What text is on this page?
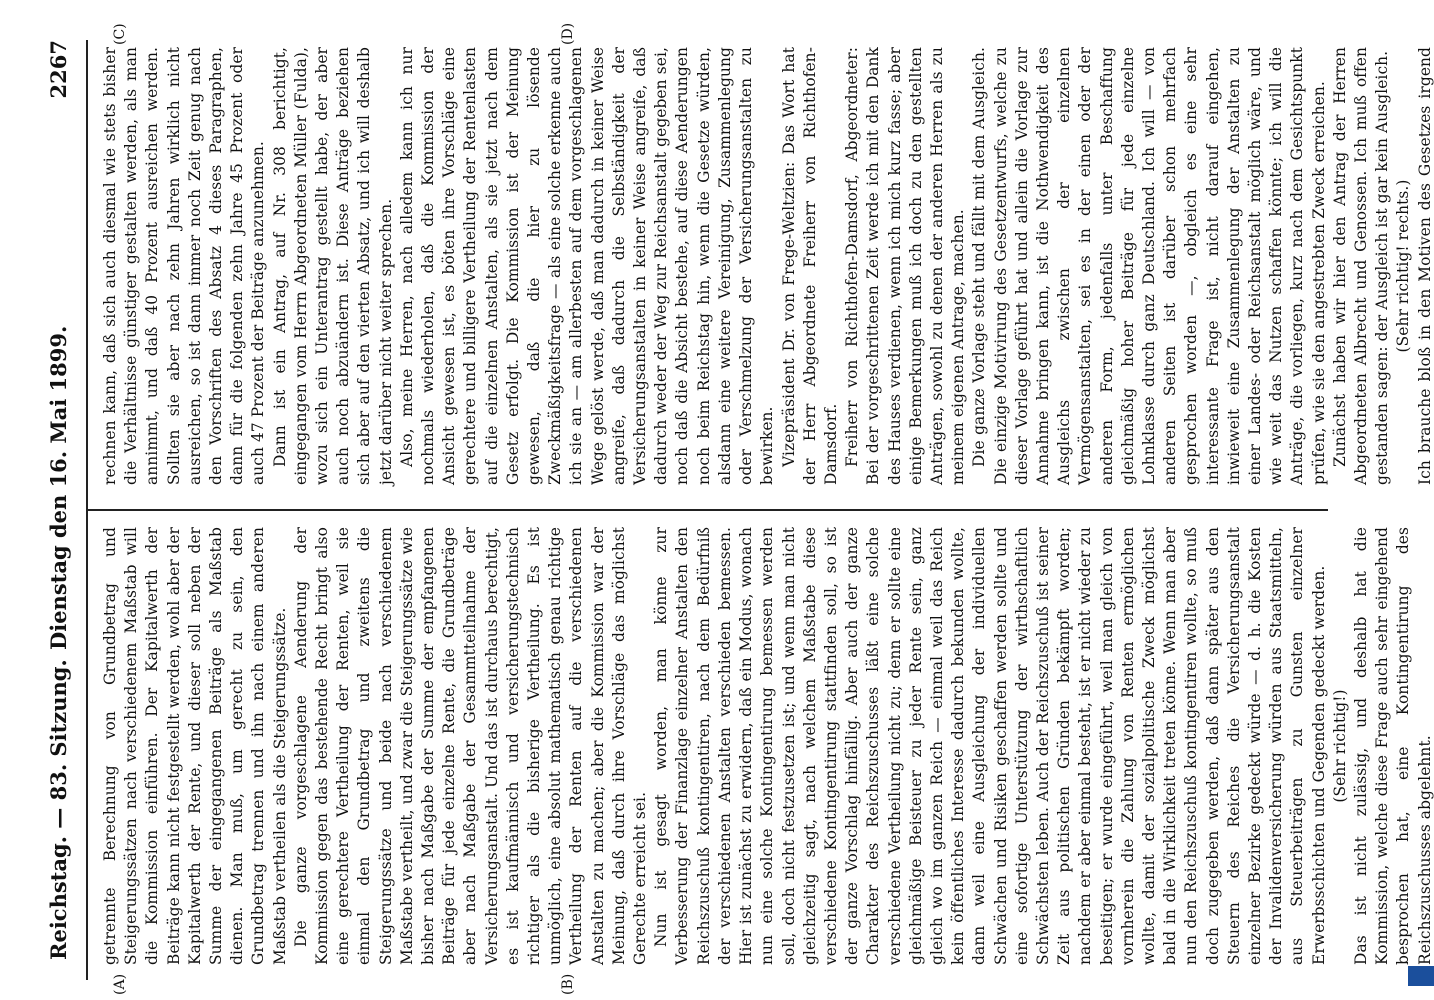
Reichstag. — 83. Sitzung.
Dienstag den 16. Mai 1899.
2267
(A)	(B)
(C)	(D)

getrennte Berechnung von Grundbetrag und Steigerungssätzen nach verschiedenem Maßstab will die Kommission einführen. Der Kapitalwerth der Beiträge kann nicht festgestellt werden, wohl aber der Kapitalwerth der Rente, und dieser soll neben der Summe der eingegangenen Beiträge als Maßstab dienen. Man muß, um gerecht zu sein, den Grundbetrag trennen und ihn nach einem anderen Maßstab vertheilen als die Steigerungssätze. Die ganze vorgeschlagene Aenderung der Kommission gegen das bestehende Recht bringt also eine gerechtere Vertheilung der Renten, weil sie einmal den Grundbetrag und zweitens die Steigerungssätze und beide nach verschiedenem Maßstabe vertheilt, und zwar die Steigerungssätze wie bisher nach Maßgabe der Summe der empfangenen Beiträge für jede einzelne Rente, die Grundbeträge aber nach Maßgabe der Gesammtteilnahme der Versicherungsanstalt. Und das ist durchaus berechtigt, es ist kaufmännisch und versicherungstechnisch richtiger als die bisherige Vertheilung. Es ist unmöglich, eine absolut mathematisch genau richtige Vertheilung der Renten auf die verschiedenen Anstalten zu machen; aber die Kommission war der Meinung, daß durch ihre Vorschläge das möglichst Gerechte erreicht sei. Nun ist gesagt worden, man könne zur Verbesserung der Finanzlage einzelner Anstalten den Reichszuschuß kontingentiren, nach dem Bedürfniß der verschiedenen Anstalten verschieden bemessen. Hier ist zunächst zu erwidern, daß ein Modus, wonach nun eine solche Kontingentirung bemessen werden soll, doch nicht festzusetzen ist; und wenn man nicht gleichzeitig sagt, nach welchem Maßstabe diese verschiedene Kontingentirung stattfinden soll, so ist der ganze Vorschlag hinfällig. Aber auch der ganze Charakter des Reichszuschusses läßt eine solche verschiedene Vertheilung nicht zu; denn er sollte eine gleichmäßige Beisteuer zu jeder Rente sein, ganz gleich wo im ganzen Reich — einmal weil das Reich kein öffentliches Interesse dadurch bekunden wollte, dann weil eine Ausgleichung der individuellen Schwächen und Risiken geschaffen werden sollte und eine sofortige Unterstützung der wirthschaftlich Schwächsten leben. Auch der Reichszuschuß ist seiner Zeit aus politischen Gründen bekämpft worden; nachdem er aber einmal besteht, ist er nicht wieder zu beseitigen; er wurde eingeführt, weil man gleich von vornherein die Zahlung von Renten ermöglichen wollte, damit der sozialpolitische Zweck möglichst bald in die Wirklichkeit treten könne. Wenn man aber nun den Reichszuschuß kontingentiren wollte, so muß doch zugegeben werden, daß dann später aus den Steuern des Reiches die Versicherungsanstalt einzelner Bezirke gedeckt würde — d. h. die Kosten der Invalidenversicherung würden aus Staatsmitteln, aus Steuerbeiträgen zu Gunsten einzelner Erwerbsschichten und Gegenden gedeckt werden. (Sehr richtig!) Das ist nicht zulässig, und deshalb hat die Kommission, welche diese Frage auch sehr eingehend besprochen hat, eine Kontingentirung des Reichszuschusses abgelehnt.

rechnen kann, daß sich auch diesmal wie stets bisher die Verhältnisse günstiger gestalten werden, als man annimmt, und daß 40 Prozent ausreichen werden. Sollten sie aber nach zehn Jahren wirklich nicht ausreichen, so ist dann immer noch Zeit genug nach den Vorschriften des Absatz 4 dieses Paragraphen, dann für die folgenden zehn Jahre 45 Prozent oder auch 47 Prozent der Beiträge anzunehmen. Dann ist ein Antrag, auf Nr. 308 berichtigt, eingegangen vom Herrn Abgeordneten Müller (Fulda), wozu sich ein Unterantrag gestellt habe, der aber auch noch abzuändern ist. Diese Anträge beziehen sich aber auf den vierten Absatz, und ich will deshalb jetzt darüber nicht weiter sprechen. Also, meine Herren, nach alledem kann ich nur nochmals wiederholen, daß die Kommission der Ansicht gewesen ist, es böten ihre Vorschläge eine gerechtere und billigere Vertheilung der Rentenlasten auf die einzelnen Anstalten, als sie jetzt nach dem Gesetz erfolgt. Die Kommission ist der Meinung gewesen, daß die hier zu lösende Zweckmäßigkeitsfrage — als eine solche erkenne auch ich sie an — am allerbesten auf dem vorgeschlagenen Wege gelöst werde, daß man dadurch in keiner Weise angreife, daß dadurch die Selbständigkeit der Versicherungsanstalten in keiner Weise angreife, daß dadurch weder der Weg zur Reichsanstalt gegeben sei, noch daß die Absicht bestehe, auf diese Aenderungen noch beim Reichstag hin, wenn die Gesetze würden, alsdann eine weitere Vereinigung, Zusammenlegung oder Verschmelzung der Versicherungsanstalten zu bewirken. Vizepräsident Dr. von Frege-Weltzien: Das Wort hat der Herr Abgeordnete Freiherr von Richthofen-Damsdorf. Freiherr von Richthofen-Damsdorf, Abgeordneter: Bei der vorgeschrittenen Zeit werde ich mit den Dank des Hauses verdienen, wenn ich mich kurz fasse; aber einige Bemerkungen muß ich doch zu den gestellten Anträgen, sowohl zu denen der anderen Herren als zu meinem eigenen Antrage, machen. Die ganze Vorlage steht und fällt mit dem Ausgleich. Die einzige Motivirung des Gesetzentwurfs, welche zu dieser Vorlage geführt hat und allein die Vorlage zur Annahme bringen kann, ist die Nothwendigkeit des Ausgleichs zwischen der einzelnen Vermögensanstalten, sei es in der einen oder der anderen Form, jedenfalls unter Beschaffung gleichmäßig hoher Beiträge für jede einzelne Lohnklasse durch ganz Deutschland. Ich will — von anderen Seiten ist darüber schon mehrfach gesprochen worden —, obgleich es eine sehr interessante Frage ist, nicht darauf eingehen, inwieweit eine Zusammenlegung der Anstalten zu einer Landes- oder Reichsanstalt möglich wäre, und wie weit das Nutzen schaffen könnte; ich will die Anträge, die vorliegen, kurz nach dem Gesichtspunkt prüfen, wie sie den angestrebten Zweck erreichen. Zunächst haben wir hier den Antrag der Herren Abgeordneten Albrecht und Genossen. Ich muß offen gestanden sagen: der Ausgleich ist gar kein Ausgleich. (Sehr richtig! rechts.)

Ich brauche bloß in den Motiven des Gesetzes irgend
